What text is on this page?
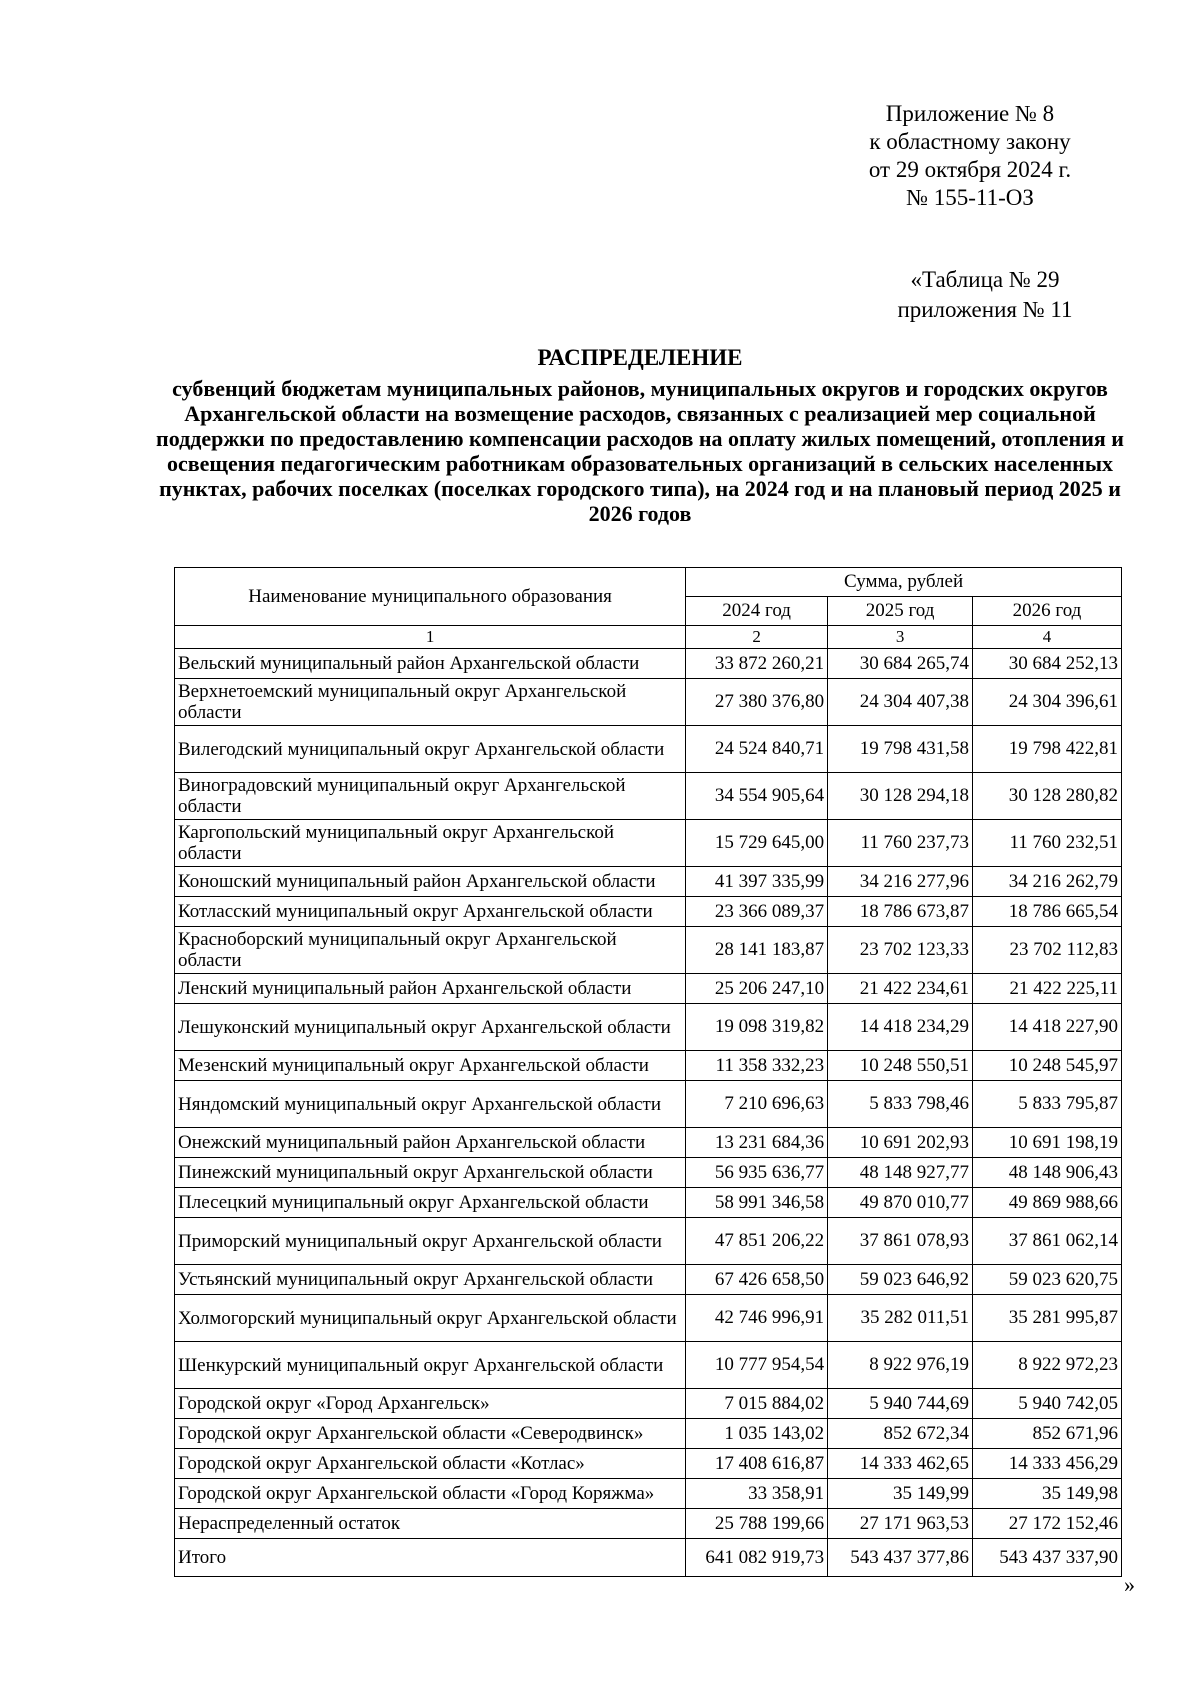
Приложение № 8
к областному закону
от 29 октября 2024 г.
№ 155-11-ОЗ
«Таблица № 29
приложения № 11
РАСПРЕДЕЛЕНИЕ
субвенций бюджетам муниципальных районов, муниципальных округов и городских округов Архангельской области на возмещение расходов, связанных с реализацией мер социальной поддержки по предоставлению компенсации расходов на оплату жилых помещений, отопления и освещения педагогическим работникам образовательных организаций в сельских населенных пунктах, рабочих поселках (поселках городского типа), на 2024 год и на плановый период 2025 и 2026 годов
Наименование муниципального образования	Сумма, рублей		
	2024 год	2025 год	2026 год
1	2	3	4
Вельский муниципальный район Архангельской области	33 872 260,21	30 684 265,74	30 684 252,13
Верхнетоемский муниципальный округ Архангельской области	27 380 376,80	24 304 407,38	24 304 396,61
Вилегодский муниципальный округ Архангельской области	24 524 840,71	19 798 431,58	19 798 422,81
Виноградовский муниципальный округ Архангельской области	34 554 905,64	30 128 294,18	30 128 280,82
Каргопольский муниципальный округ Архангельской области	15 729 645,00	11 760 237,73	11 760 232,51
Коношский муниципальный район Архангельской области	41 397 335,99	34 216 277,96	34 216 262,79
Котласский муниципальный округ Архангельской области	23 366 089,37	18 786 673,87	18 786 665,54
Красноборский муниципальный округ Архангельской области	28 141 183,87	23 702 123,33	23 702 112,83
Ленский муниципальный район Архангельской области	25 206 247,10	21 422 234,61	21 422 225,11
Лешуконский муниципальный округ Архангельской области	19 098 319,82	14 418 234,29	14 418 227,90
Мезенский муниципальный округ Архангельской области	11 358 332,23	10 248 550,51	10 248 545,97
Няндомский муниципальный округ Архангельской области	7 210 696,63	5 833 798,46	5 833 795,87
Онежский муниципальный район Архангельской области	13 231 684,36	10 691 202,93	10 691 198,19
Пинежский муниципальный округ Архангельской области	56 935 636,77	48 148 927,77	48 148 906,43
Плесецкий муниципальный округ Архангельской области	58 991 346,58	49 870 010,77	49 869 988,66
Приморский муниципальный округ Архангельской области	47 851 206,22	37 861 078,93	37 861 062,14
Устьянский муниципальный округ Архангельской области	67 426 658,50	59 023 646,92	59 023 620,75
Холмогорский муниципальный округ Архангельской области	42 746 996,91	35 282 011,51	35 281 995,87
Шенкурский муниципальный округ Архангельской области	10 777 954,54	8 922 976,19	8 922 972,23
Городской округ «Город Архангельск»	7 015 884,02	5 940 744,69	5 940 742,05
Городской округ Архангельской области «Северодвинск»	1 035 143,02	852 672,34	852 671,96
Городской округ Архангельской области «Котлас»	17 408 616,87	14 333 462,65	14 333 456,29
Городской округ Архангельской области «Город Коряжма»	33 358,91	35 149,99	35 149,98
Нераспределенный остаток	25 788 199,66	27 171 963,53	27 172 152,46
Итого	641 082 919,73	543 437 377,86	543 437 337,90
»
